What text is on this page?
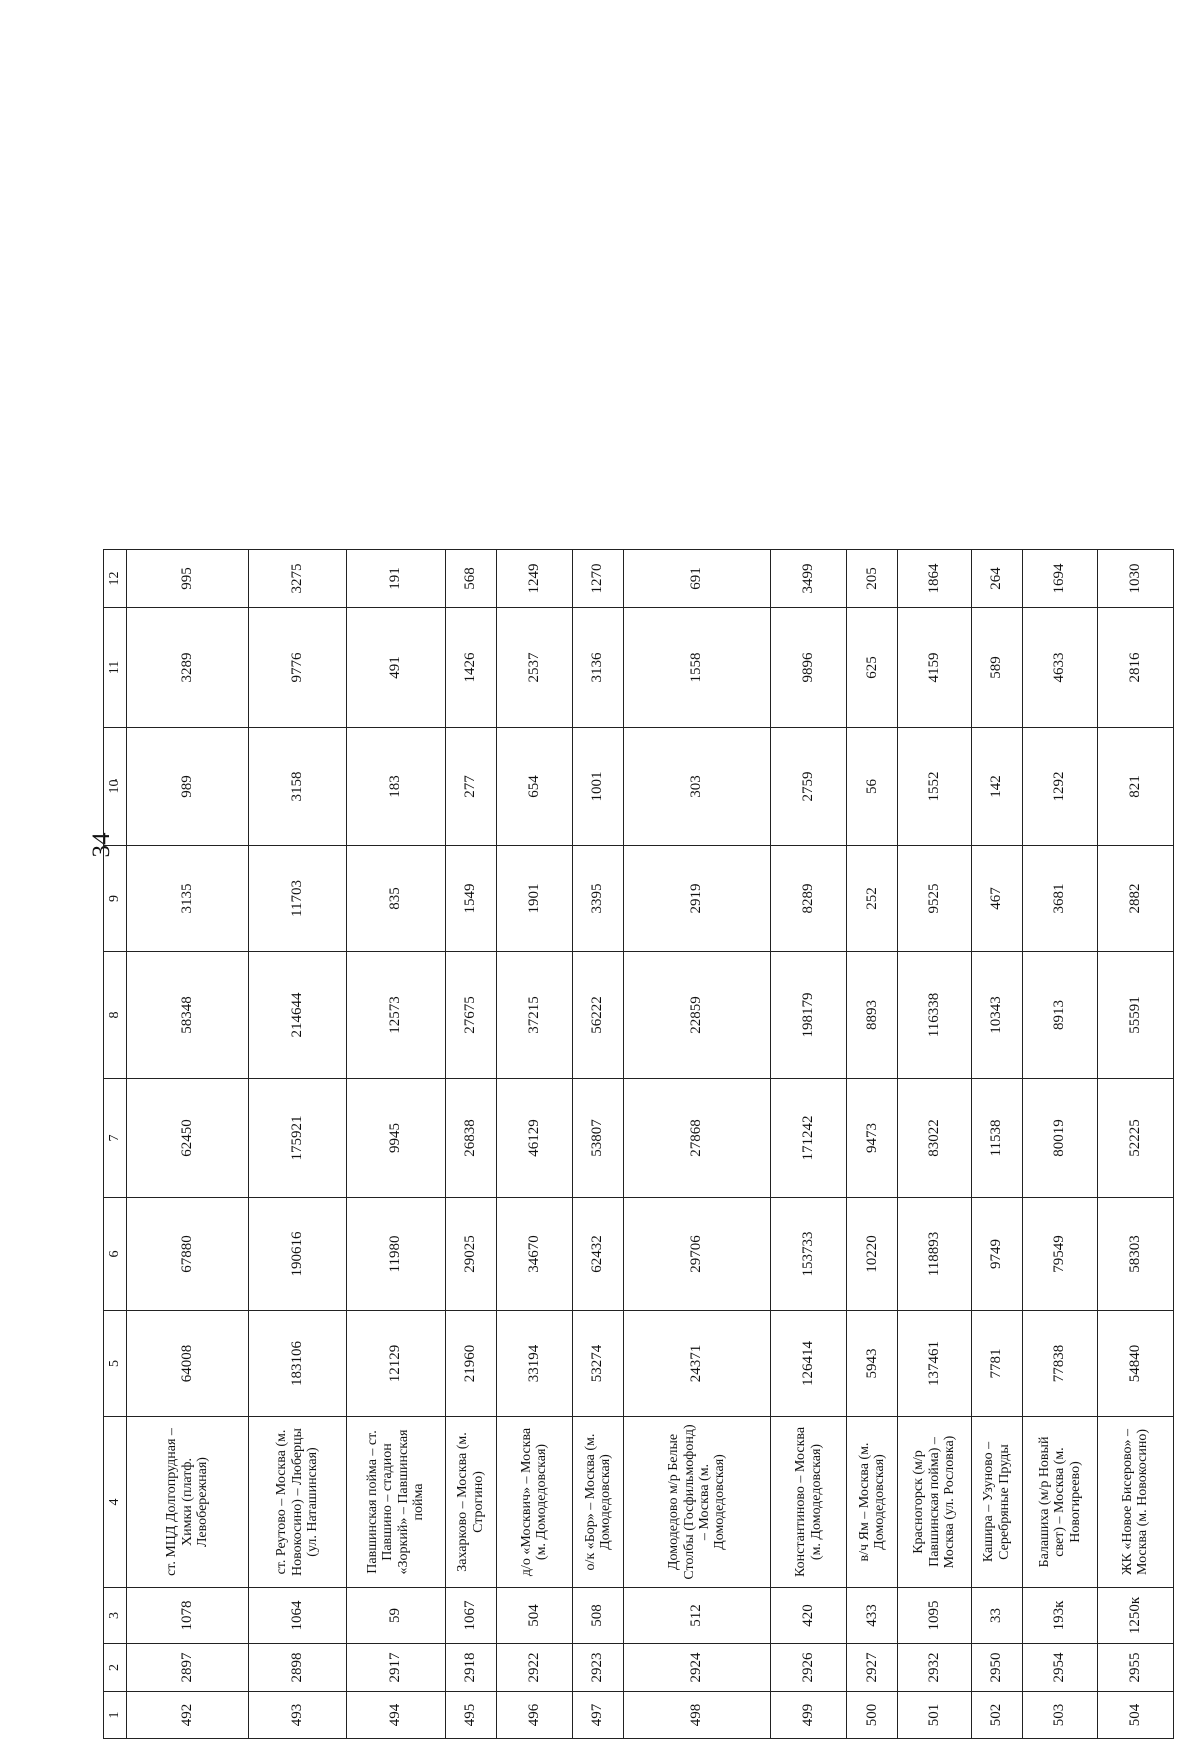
34
1	2	3	4	5	6	7	8	9	10	11	12
492	2897	1078	ст. МЦД Долгопрудная – Химки (платф. Левобережная)	64008	67880	62450	58348	3135	989	3289	995
493	2898	1064	ст. Реутово – Москва (м. Новокосино) – Люберцы (ул. Наташинская)	183106	190616	175921	214644	11703	3158	9776	3275
494	2917	59	Павшинская пойма – ст. Павшино – стадион «Зоркий» – Павшинская пойма	12129	11980	9945	12573	835	183	491	191
495	2918	1067	Захарково – Москва (м. Строгино)	21960	29025	26838	27675	1549	277	1426	568
496	2922	504	д/о «Москвич» – Москва (м. Домодедовская)	33194	34670	46129	37215	1901	654	2537	1249
497	2923	508	о/к «Бор» – Москва (м. Домодедовская)	53274	62432	53807	56222	3395	1001	3136	1270
498	2924	512	Домодедово м/р Белые Столбы (Госфильмофонд) – Москва (м. Домодедовская)	24371	29706	27868	22859	2919	303	1558	691
499	2926	420	Константиново – Москва (м. Домодедовская)	126414	153733	171242	198179	8289	2759	9896	3499
500	2927	433	в/ч Ям – Москва (м. Домодедовская)	5943	10220	9473	8893	252	56	625	205
501	2932	1095	Красногорск (м/р Павшинская пойма) – Москва (ул. Рословка)	137461	118893	83022	116338	9525	1552	4159	1864
502	2950	33	Кашира – Узуново – Серебряные Пруды	7781	9749	11538	10343	467	142	589	264
503	2954	193к	Балашиха (м/р Новый свет) – Москва (м. Новогиреево)	77838	79549	80019	8913	3681	1292	4633	1694
504	2955	1250к	ЖК «Новое Бисерово» – Москва (м. Новокосино)	54840	58303	52225	55591	2882	821	2816	1030
